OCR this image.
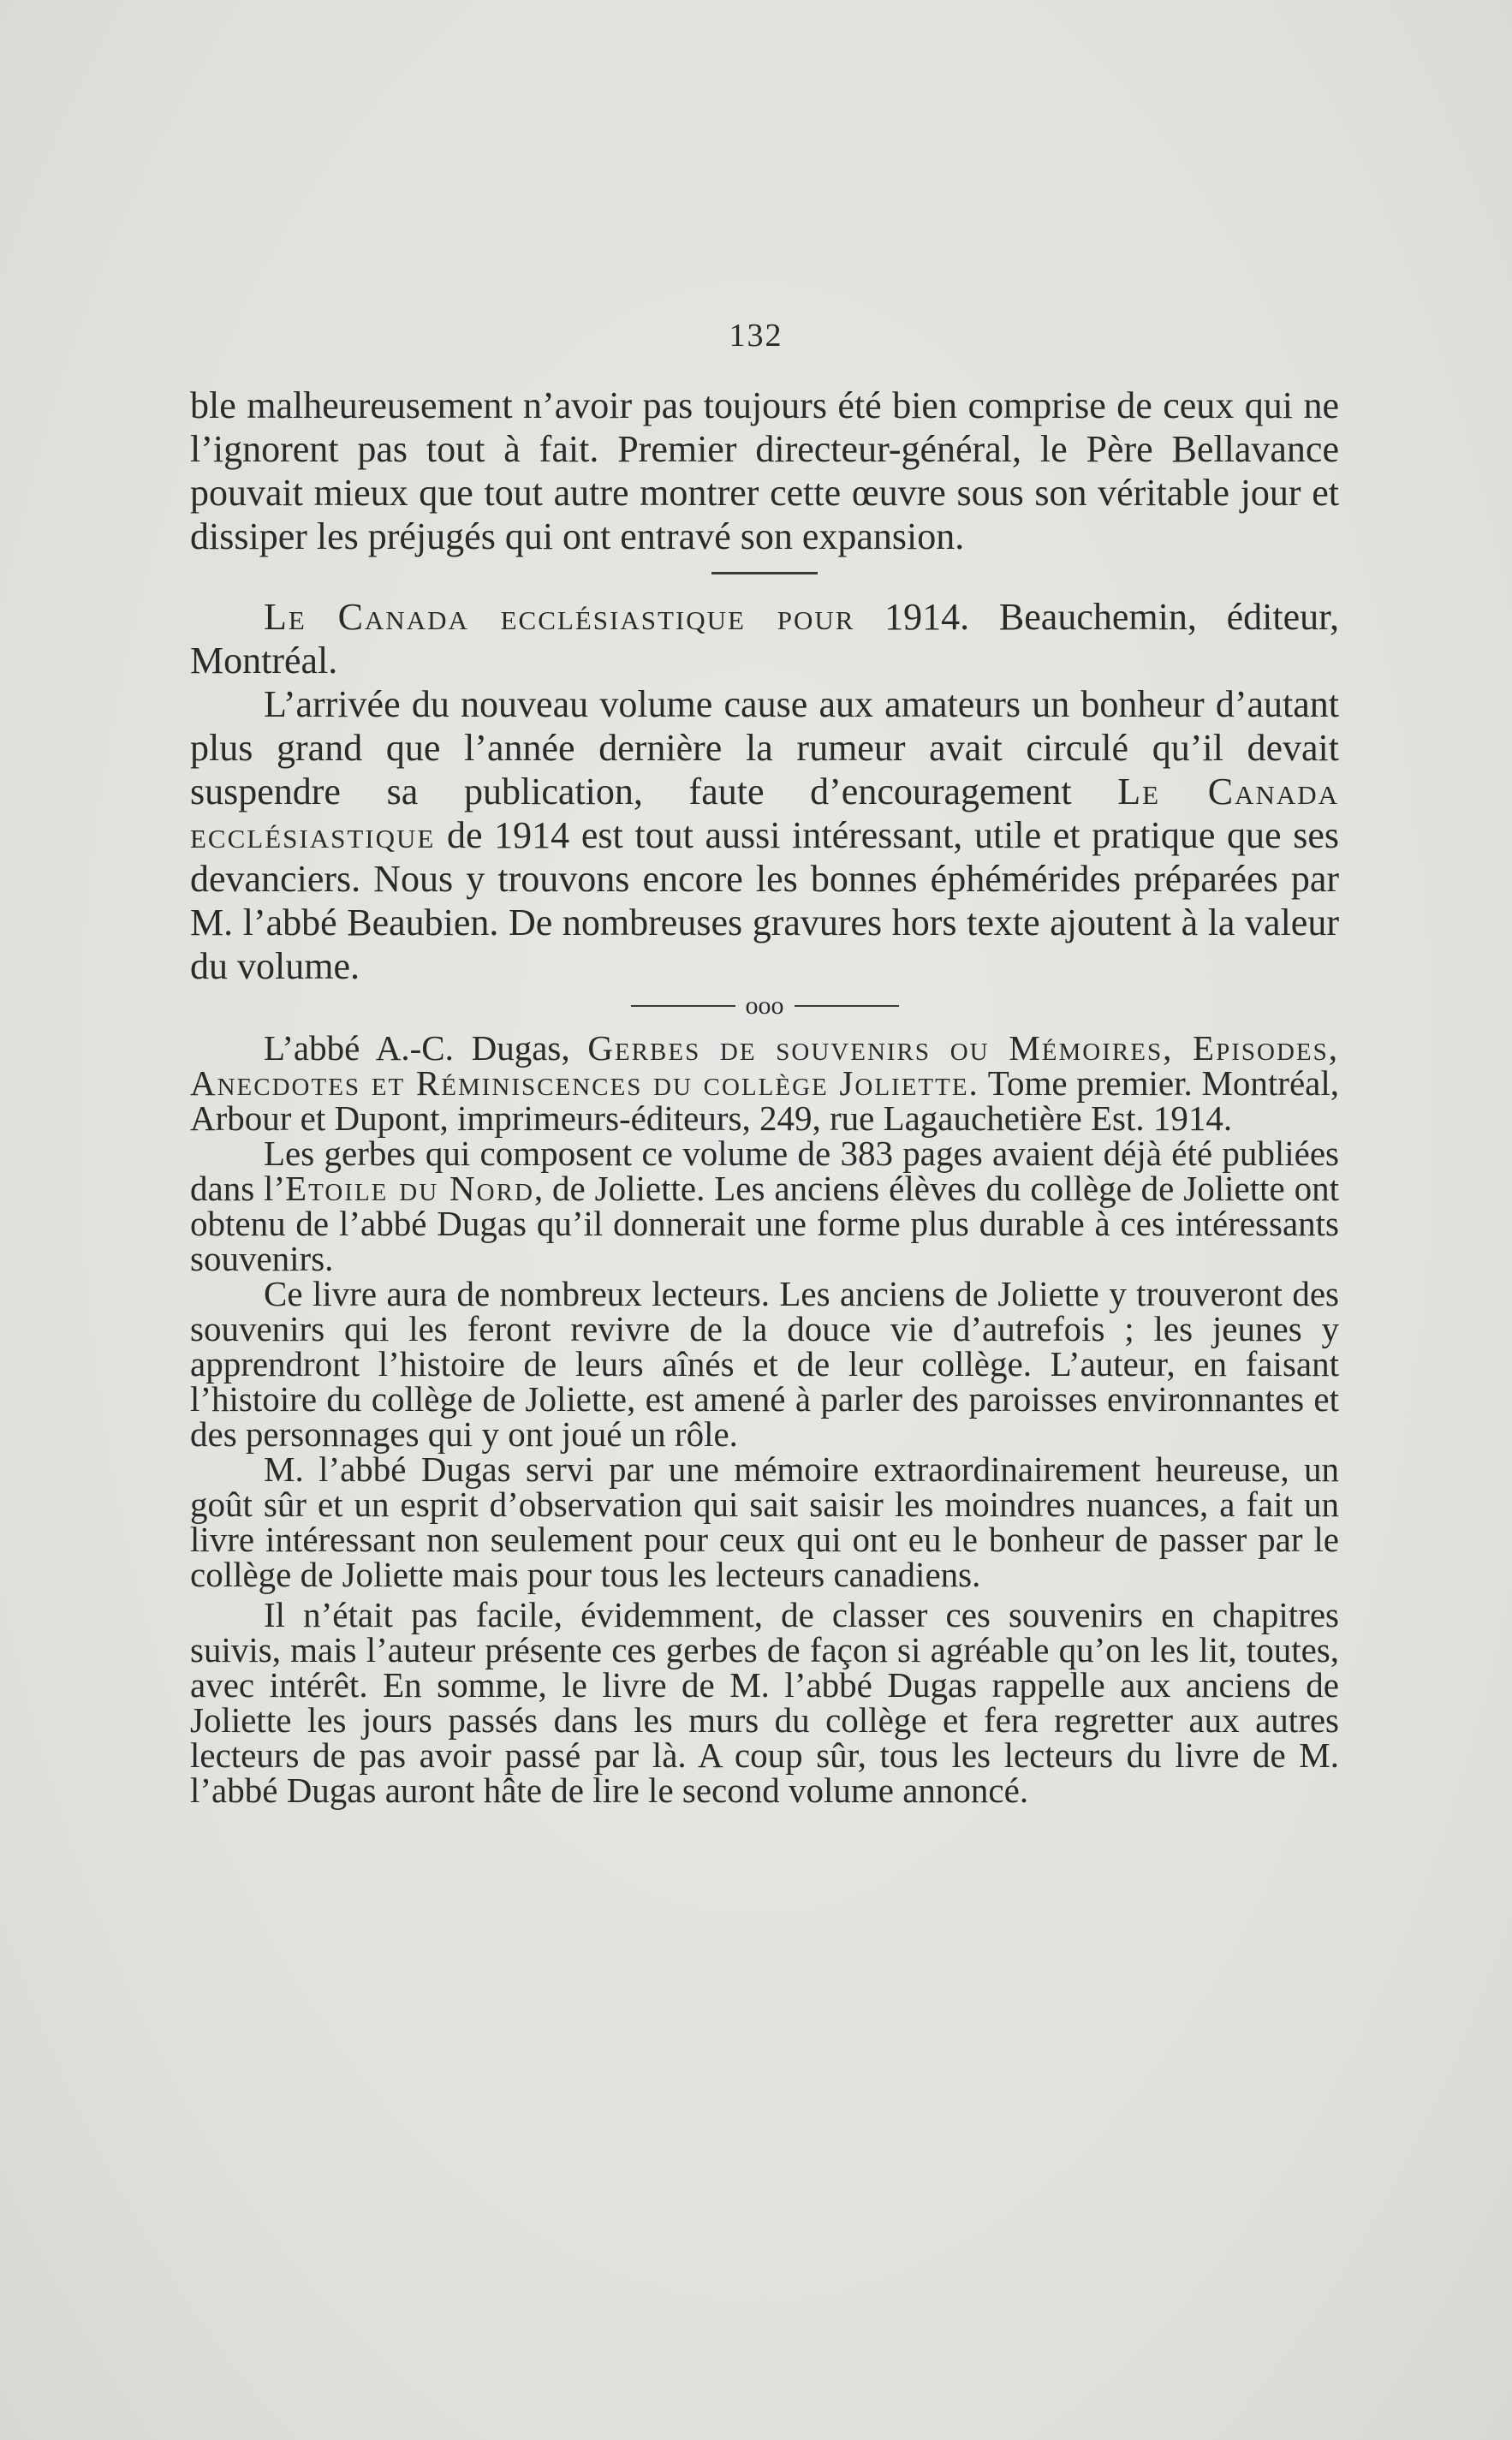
132

ble malheureusement n’avoir pas toujours été bien comprise de ceux qui ne l’ignorent pas tout à fait. Premier directeur-général, le Père Bellavance pouvait mieux que tout autre montrer cette œuvre sous son véritable jour et dissiper les préjugés qui ont entravé son expansion.

Le Canada ecclésiastique pour 1914. Beauchemin, éditeur, Montréal.

L’arrivée du nouveau volume cause aux amateurs un bonheur d’autant plus grand que l’année dernière la rumeur avait circulé qu’il devait suspendre sa publication, faute d’encouragement Le Canada ecclésiastique de 1914 est tout aussi intéressant, utile et pratique que ses devanciers. Nous y trouvons encore les bonnes éphémérides préparées par M. l’abbé Beaubien. De nombreuses gravures hors texte ajoutent à la valeur du volume.

ooo

L’abbé A.-C. Dugas, Gerbes de souvenirs ou Mémoires, Episodes, Anecdotes et Réminiscences du collège Joliette. Tome premier. Montréal, Arbour et Dupont, imprimeurs-éditeurs, 249, rue Lagauchetière Est. 1914.

Les gerbes qui composent ce volume de 383 pages avaient déjà été publiées dans l’Etoile du Nord, de Joliette. Les anciens élèves du collège de Joliette ont obtenu de l’abbé Dugas qu’il donnerait une forme plus durable à ces intéressants souvenirs.

Ce livre aura de nombreux lecteurs. Les anciens de Joliette y trouveront des souvenirs qui les feront revivre de la douce vie d’autrefois ; les jeunes y apprendront l’histoire de leurs aînés et de leur collège. L’auteur, en faisant l’histoire du collège de Joliette, est amené à parler des paroisses environnantes et des personnages qui y ont joué un rôle.

M. l’abbé Dugas servi par une mémoire extraordinairement heureuse, un goût sûr et un esprit d’observation qui sait saisir les moindres nuances, a fait un livre intéressant non seulement pour ceux qui ont eu le bonheur de passer par le collège de Joliette mais pour tous les lecteurs canadiens.

Il n’était pas facile, évidemment, de classer ces souvenirs en chapitres suivis, mais l’auteur présente ces gerbes de façon si agréable qu’on les lit, toutes, avec intérêt. En somme, le livre de M. l’abbé Dugas rappelle aux anciens de Joliette les jours passés dans les murs du collège et fera regretter aux autres lecteurs de pas avoir passé par là. A coup sûr, tous les lecteurs du livre de M. l’abbé Dugas auront hâte de lire le second volume annoncé.
